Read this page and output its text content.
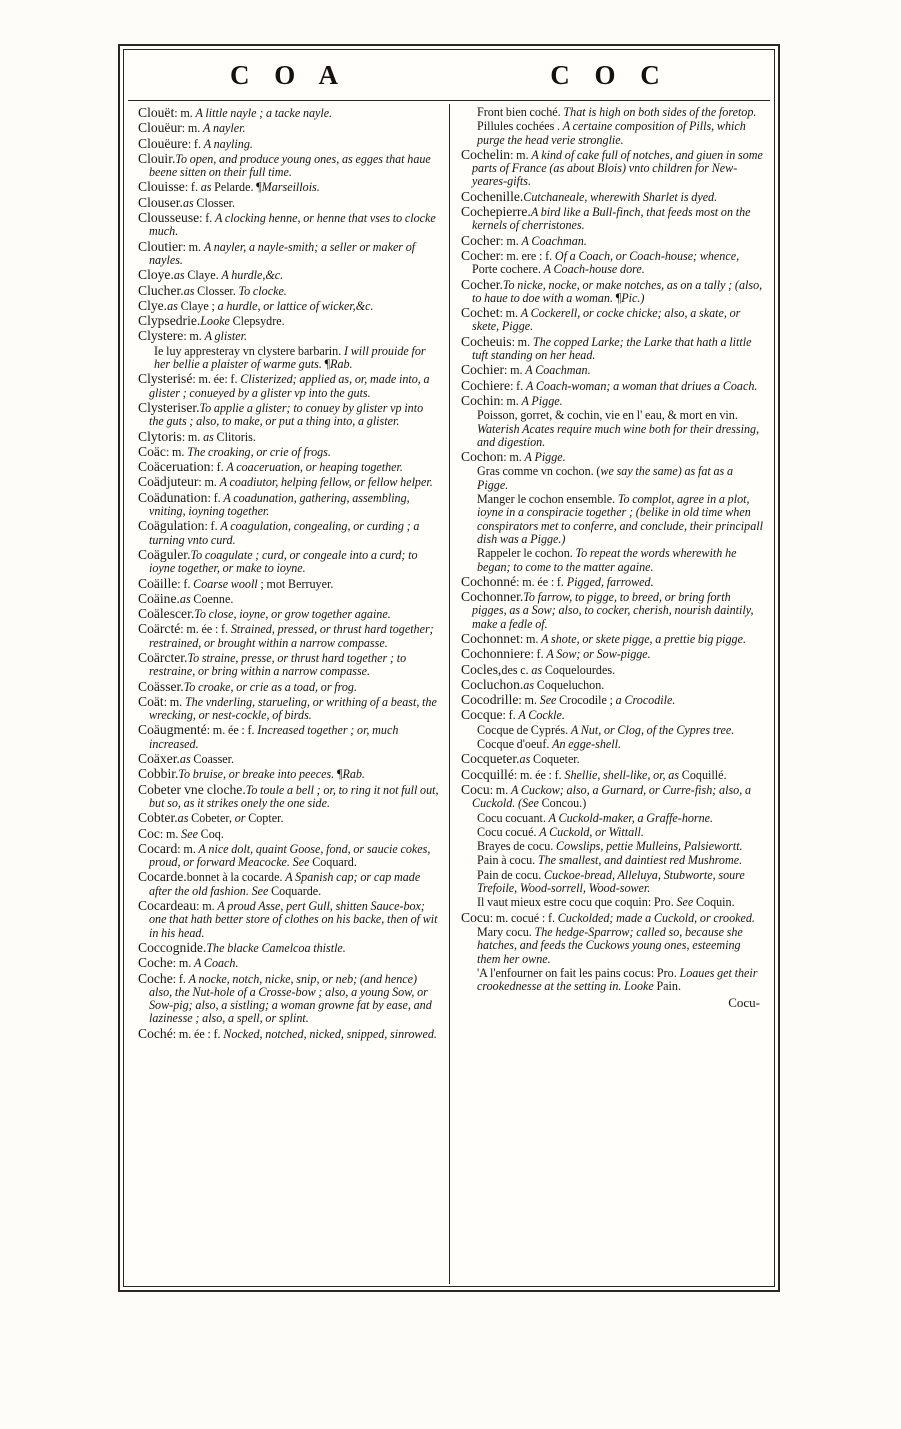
C O A	C O C
Clouët: m. A little nayle ; a tacke nayle.
Clouëur: m. A nayler.
Clouëure: f. A nayling.
Clouir.To open, and produce young ones, as egges that haue beene sitten on their full time.
Clouisse: f. as Pelarde. ¶Marseillois.
Clouser.as Closser.
Clousseuse: f. A clocking henne, or henne that vses to clocke much.
Cloutier: m. A nayler, a nayle-smith; a seller or maker of nayles.
Cloye.as Claye. A hurdle,&c.
Clucher.as Closser. To clocke.
Clye.as Claye ; a hurdle, or lattice of wicker,&c.
Clypsedrie.Looke Clepsydre.
Clystere: m. A glister.
Ie luy appresteray vn clystere barbarin. I will prouide for her bellie a plaister of warme guts. ¶Rab.
Clysterisé: m. ée: f. Clisterized; applied as, or, made into, a glister ; conueyed by a glister vp into the guts.
Clysteriser.To applie a glister; to conuey by glister vp into the guts ; also, to make, or put a thing into, a glister.
Clytoris: m. as Clitoris.
Coäc: m. The croaking, or crie of frogs.
Coäceruation: f. A coaceruation, or heaping together.
Coädjuteur: m. A coadiutor, helping fellow, or fellow helper.
Coädunation: f. A coadunation, gathering, assembling, vniting, ioyning together.
Coägulation: f. A coagulation, congealing, or curding ; a turning vnto curd.
Coäguler.To coagulate ; curd, or congeale into a curd; to ioyne together, or make to ioyne.
Coäille: f. Coarse wooll ; mot Berruyer.
Coäine.as Coenne.
Coälescer.To close, ioyne, or grow together againe.
Coärcté: m. ée : f. Strained, pressed, or thrust hard together; restrained, or brought within a narrow compasse.
Coärcter.To straine, presse, or thrust hard together ; to restraine, or bring within a narrow compasse.
Coässer.To croake, or crie as a toad, or frog.
Coät: m. The vnderling, starueling, or writhing of a beast, the wrecking, or nest-cockle, of birds.
Coäugmenté: m. ée : f. Increased together ; or, much increased.
Coäxer.as Coasser.
Cobbir.To bruise, or breake into peeces. ¶Rab.
Cobeter vne cloche.To toule a bell ; or, to ring it not full out, but so, as it strikes onely the one side.
Cobter.as Cobeter, or Copter.
Coc: m. See Coq.
Cocard: m. A nice dolt, quaint Goose, fond, or saucie cokes, proud, or forward Meacocke. See Coquard.
Cocarde.bonnet à la cocarde. A Spanish cap; or cap made after the old fashion. See Coquarde.
Cocardeau: m. A proud Asse, pert Gull, shitten Sauce-box; one that hath better store of clothes on his backe, then of wit in his head.
Coccognide.The blacke Camelcoa thistle.
Coche: m. A Coach.
Coche: f. A nocke, notch, nicke, snip, or neb; (and hence) also, the Nut-hole of a Crosse-bow ; also, a young Sow, or Sow-pig; also, a sistling; a woman growne fat by ease, and lazinesse ; also, a spell, or splint.
Coché: m. ée : f. Nocked, notched, nicked, snipped, sinrowed.
Front bien coché. That is high on both sides of the foretop.
Pillules cochées . A certaine composition of Pills, which purge the head verie stronglie.
Cochelin: m. A kind of cake full of notches, and giuen in some parts of France (as about Blois) vnto children for New-yeares-gifts.
Cochenille.Cutchaneale, wherewith Sharlet is dyed.
Cochepierre.A bird like a Bull-finch, that feeds most on the kernels of cherristones.
Cocher: m. A Coachman.
Cocher: m. ere : f. Of a Coach, or Coach-house; whence, Porte cochere. A Coach-house dore.
Cocher.To nicke, nocke, or make notches, as on a tally ; (also, to haue to doe with a woman. ¶Pic.)
Cochet: m. A Cockerell, or cocke chicke; also, a skate, or skete, Pigge.
Cocheuis: m. The copped Larke; the Larke that hath a little tuft standing on her head.
Cochier: m. A Coachman.
Cochiere: f. A Coach-woman; a woman that driues a Coach.
Cochin: m. A Pigge.
Poisson, gorret, & cochin, vie en l' eau, & mort en vin. Waterish Acates require much wine both for their dressing, and digestion.
Cochon: m. A Pigge.
Gras comme vn cochon. (we say the same) as fat as a Pigge.
Manger le cochon ensemble. To complot, agree in a plot, ioyne in a conspiracie together ; (belike in old time when conspirators met to conferre, and conclude, their principall dish was a Pigge.)
Rappeler le cochon. To repeat the words wherewith he began; to come to the matter againe.
Cochonné: m. ée : f. Pigged, farrowed.
Cochonner.To farrow, to pigge, to breed, or bring forth pigges, as a Sow; also, to cocker, cherish, nourish daintily, make a fedle of.
Cochonnet: m. A shote, or skete pigge, a prettie big pigge.
Cochonniere: f. A Sow; or Sow-pigge.
Cocles,des c. as Coquelourdes.
Cocluchon.as Coqueluchon.
Cocodrille: m. See Crocodile ; a Crocodile.
Cocque: f. A Cockle.
Cocque de Cyprés. A Nut, or Clog, of the Cypres tree.
Cocque d'oeuf. An egge-shell.
Cocqueter.as Coqueter.
Cocquillé: m. ée : f. Shellie, shell-like, or, as Coquillé.
Cocu: m. A Cuckow; also, a Gurnard, or Curre-fish; also, a Cuckold. (See Concou.)
Cocu cocuant. A Cuckold-maker, a Graffe-horne.
Cocu cocué. A Cuckold, or Wittall.
Brayes de cocu. Cowslips, pettie Mulleins, Palsiewortt.
Pain à cocu. The smallest, and daintiest red Mushrome.
Pain de cocu. Cuckoe-bread, Alleluya, Stubworte, soure Trefoile, Wood-sorrell, Wood-sower.
Il vaut mieux estre cocu que coquin: Pro. See Coquin.
Cocu: m. cocué : f. Cuckolded; made a Cuckold, or crooked.
Mary cocu. The hedge-Sparrow; called so, because she hatches, and feeds the Cuckows young ones, esteeming them her owne.
'A l'enfourner on fait les pains cocus: Pro. Loaues get their crookednesse at the setting in. Looke Pain.
Cocu-
